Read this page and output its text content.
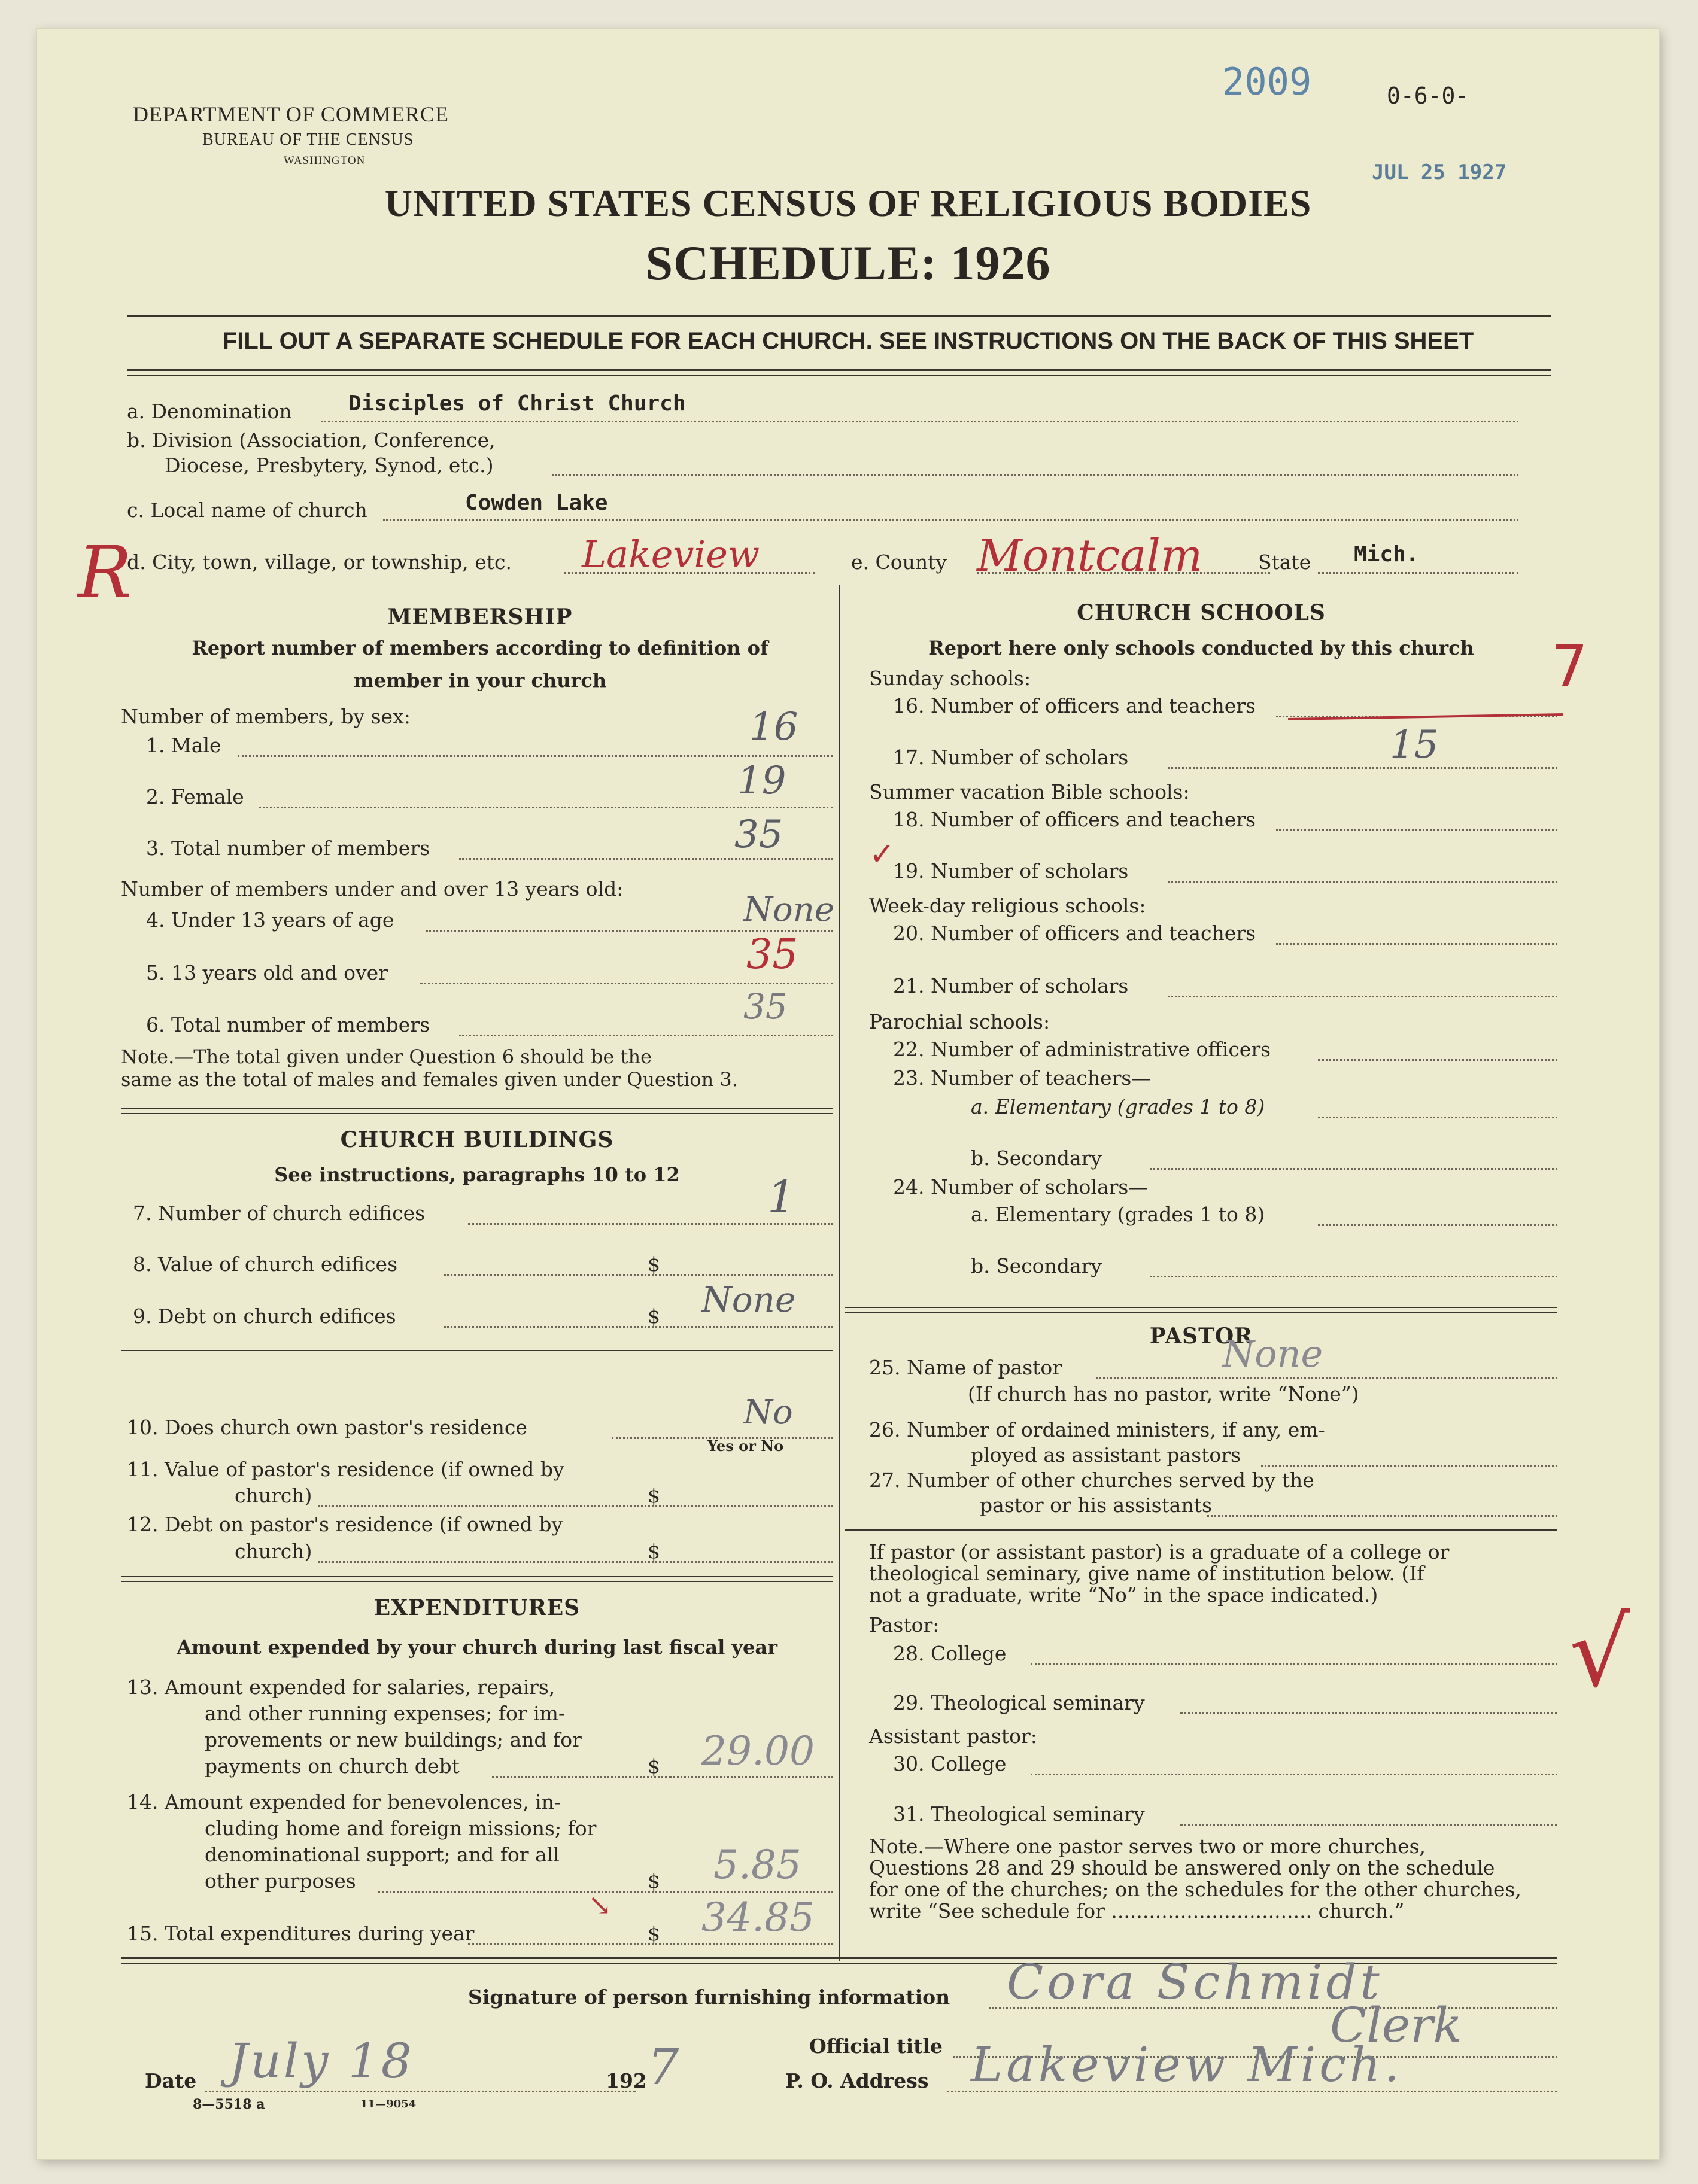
2009	0-6-0-
JUL 25 1927
DEPARTMENT OF COMMERCE
BUREAU OF THE CENSUS
WASHINGTON
UNITED STATES CENSUS OF RELIGIOUS BODIES
SCHEDULE: 1926
FILL OUT A SEPARATE SCHEDULE FOR EACH CHURCH. SEE INSTRUCTIONS ON THE BACK OF THIS SHEET
a. Denomination	Disciples of Christ Church
b. Division (Association, Conference,
Diocese, Presbytery, Synod, etc.)
c. Local name of church	Cowden Lake
R
d. City, town, village, or township, etc. Lakeview	e. County Montcalm	State Mich.
MEMBERSHIP
Report number of members according to definition of
member in your church
Number of members, by sex:
1. Male	16
2. Female	19
3. Total number of members	35	✓
Number of members under and over 13 years old:
4. Under 13 years of age	None
5. 13 years old and over	35
6. Total number of members	35
Note.—The total given under Question 6 should be the
same as the total of males and females given under Question 3.
CHURCH BUILDINGS
See instructions, paragraphs 10 to 12
7. Number of church edifices	1
8. Value of church edifices	$
9. Debt on church edifices	$ None
10. Does church own pastor's residence	No
Yes or No
11. Value of pastor's residence (if owned by
church)	$
12. Debt on pastor's residence (if owned by
church)	$
EXPENDITURES
Amount expended by your church during last fiscal year
13. Amount expended for salaries, repairs,
and other running expenses; for im-
provements or new buildings; and for
payments on church debt	$ 29.00
14. Amount expended for benevolences, in-
cluding home and foreign missions; for
denominational support; and for all
other purposes	$ 5.85
15. Total expenditures during year	$ 34.85
↘
CHURCH SCHOOLS
7
Report here only schools conducted by this church
Sunday schools:
16. Number of officers and teachers
17. Number of scholars	15
Summer vacation Bible schools:
18. Number of officers and teachers
19. Number of scholars
Week-day religious schools:
20. Number of officers and teachers
21. Number of scholars
Parochial schools:
22. Number of administrative officers
23. Number of teachers—
a. Elementary (grades 1 to 8)
b. Secondary
24. Number of scholars—
a. Elementary (grades 1 to 8)
b. Secondary
PASTOR
25. Name of pastor	None
(If church has no pastor, write “None”)
26. Number of ordained ministers, if any, em-
ployed as assistant pastors
27. Number of other churches served by the
pastor or his assistants
If pastor (or assistant pastor) is a graduate of a college or
theological seminary, give name of institution below. (If
not a graduate, write “No” in the space indicated.)
Pastor:
28. College	√
29. Theological seminary
Assistant pastor:
30. College
31. Theological seminary
Note.—Where one pastor serves two or more churches,
Questions 28 and 29 should be answered only on the schedule
for one of the churches; on the schedules for the other churches,
write “See schedule for ................................ church.”
Signature of person furnishing information Cora Schmidt
Official title	Clerk
Date July 18	192 7	P. O. Address Lakeview Mich.
8—5518 a	11—9054
